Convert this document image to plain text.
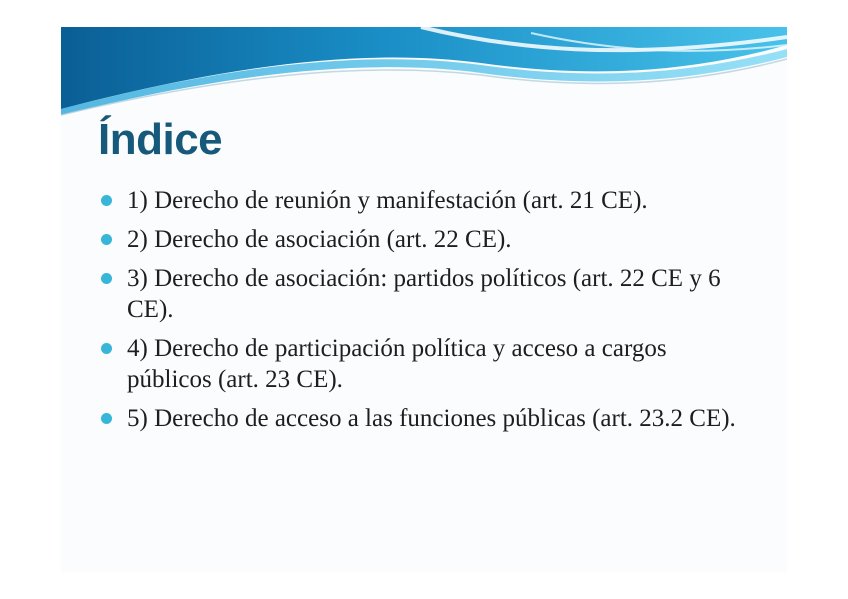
Índice
1) Derecho de reunión y manifestación (art. 21 CE).
2) Derecho de asociación (art. 22 CE).
3) Derecho de asociación: partidos políticos (art. 22 CE y 6 CE).
4) Derecho de participación política y acceso a cargos públicos (art. 23 CE).
5) Derecho de acceso a las funciones públicas (art. 23.2 CE).
